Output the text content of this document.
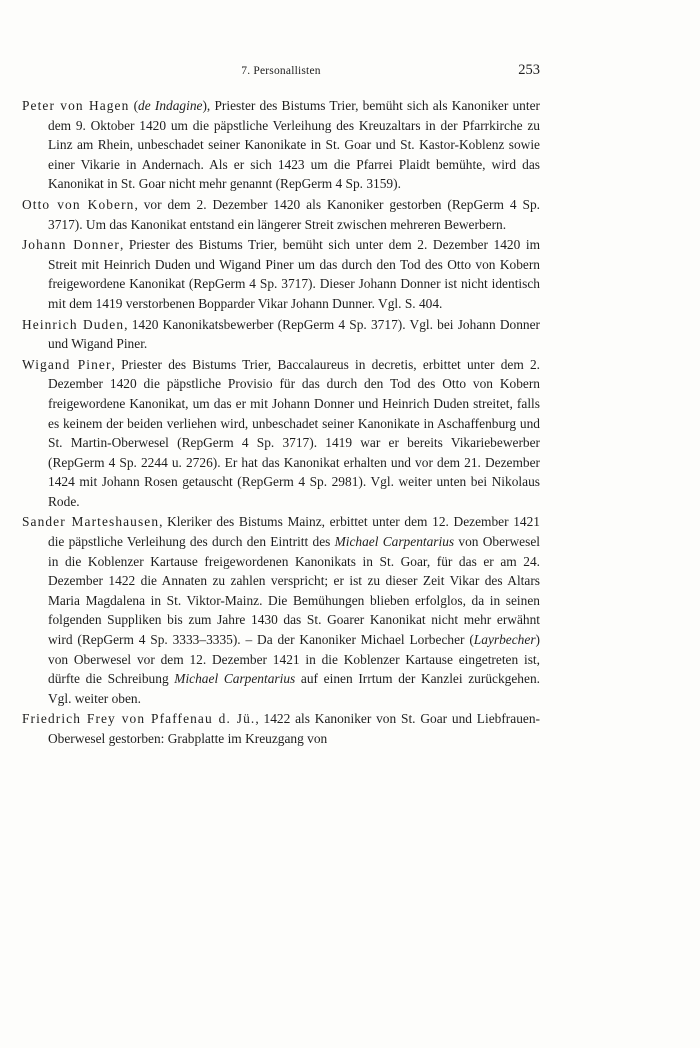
7. Personallisten	253

Peter von Hagen (de Indagine), Priester des Bistums Trier, bemüht sich als Kanoniker unter dem 9. Oktober 1420 um die päpstliche Verleihung des Kreuzaltars in der Pfarrkirche zu Linz am Rhein, unbeschadet seiner Kanonikate in St. Goar und St. Kastor-Koblenz sowie einer Vikarie in Andernach. Als er sich 1423 um die Pfarrei Plaidt bemühte, wird das Kanonikat in St. Goar nicht mehr genannt (RepGerm 4 Sp. 3159).

Otto von Kobern, vor dem 2. Dezember 1420 als Kanoniker gestorben (RepGerm 4 Sp. 3717). Um das Kanonikat entstand ein längerer Streit zwischen mehreren Bewerbern.

Johann Donner, Priester des Bistums Trier, bemüht sich unter dem 2. Dezember 1420 im Streit mit Heinrich Duden und Wigand Piner um das durch den Tod des Otto von Kobern freigewordene Kanonikat (RepGerm 4 Sp. 3717). Dieser Johann Donner ist nicht identisch mit dem 1419 verstorbenen Bopparder Vikar Johann Dunner. Vgl. S. 404.

Heinrich Duden, 1420 Kanonikatsbewerber (RepGerm 4 Sp. 3717). Vgl. bei Johann Donner und Wigand Piner.

Wigand Piner, Priester des Bistums Trier, Baccalaureus in decretis, erbittet unter dem 2. Dezember 1420 die päpstliche Provisio für das durch den Tod des Otto von Kobern freigewordene Kanonikat, um das er mit Johann Donner und Heinrich Duden streitet, falls es keinem der beiden verliehen wird, unbeschadet seiner Kanonikate in Aschaffenburg und St. Martin-Oberwesel (RepGerm 4 Sp. 3717). 1419 war er bereits Vikariebewerber (RepGerm 4 Sp. 2244 u. 2726). Er hat das Kanonikat erhalten und vor dem 21. Dezember 1424 mit Johann Rosen getauscht (RepGerm 4 Sp. 2981). Vgl. weiter unten bei Nikolaus Rode.

Sander Marteshausen, Kleriker des Bistums Mainz, erbittet unter dem 12. Dezember 1421 die päpstliche Verleihung des durch den Eintritt des Michael Carpentarius von Oberwesel in die Koblenzer Kartause freigewordenen Kanonikats in St. Goar, für das er am 24. Dezember 1422 die Annaten zu zahlen verspricht; er ist zu dieser Zeit Vikar des Altars Maria Magdalena in St. Viktor-Mainz. Die Bemühungen blieben erfolglos, da in seinen folgenden Suppliken bis zum Jahre 1430 das St. Goarer Kanonikat nicht mehr erwähnt wird (RepGerm 4 Sp. 3333–3335). – Da der Kanoniker Michael Lorbecher (Layrbecher) von Oberwesel vor dem 12. Dezember 1421 in die Koblenzer Kartause eingetreten ist, dürfte die Schreibung Michael Carpentarius auf einen Irrtum der Kanzlei zurückgehen. Vgl. weiter oben.

Friedrich Frey von Pfaffenau d. Jü., 1422 als Kanoniker von St. Goar und Liebfrauen-Oberwesel gestorben: Grabplatte im Kreuzgang von
